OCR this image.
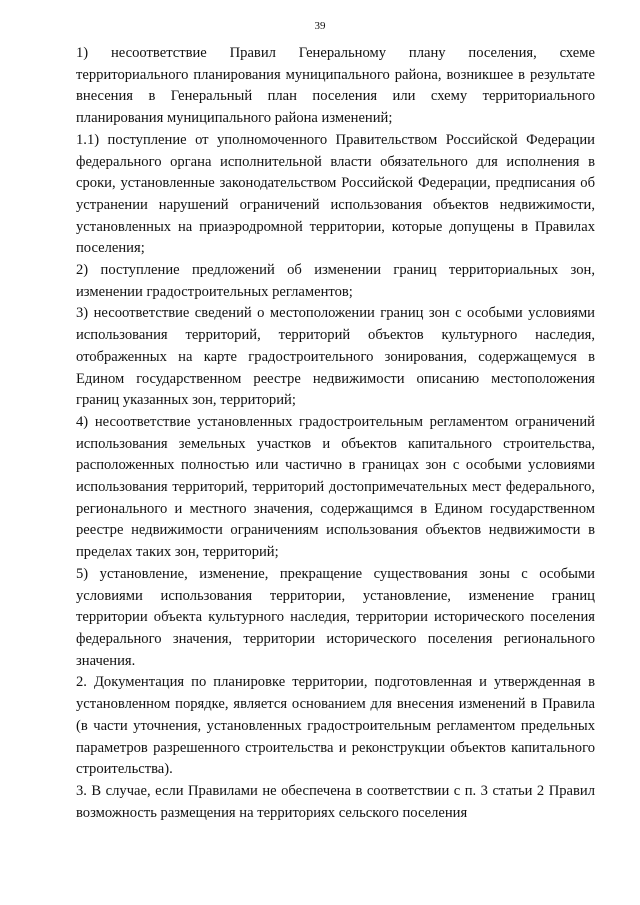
39

1) несоответствие Правил Генеральному плану поселения, схеме территориального планирования муниципального района, возникшее в результате внесения в Генеральный план поселения или схему территориального планирования муниципального района изменений;

1.1) поступление от уполномоченного Правительством Российской Федерации федерального органа исполнительной власти обязательного для исполнения в сроки, установленные законодательством Российской Федерации, предписания об устранении нарушений ограничений использования объектов недвижимости, установленных на приаэродромной территории, которые допущены в Правилах поселения;

2) поступление предложений об изменении границ территориальных зон, изменении градостроительных регламентов;

3) несоответствие сведений о местоположении границ зон с особыми условиями использования территорий, территорий объектов культурного наследия, отображенных на карте градостроительного зонирования, содержащемуся в Едином государственном реестре недвижимости описанию местоположения границ указанных зон, территорий;

4) несоответствие установленных градостроительным регламентом ограничений использования земельных участков и объектов капитального строительства, расположенных полностью или частично в границах зон с особыми условиями использования территорий, территорий достопримечательных мест федерального, регионального и местного значения, содержащимся в Едином государственном реестре недвижимости ограничениям использования объектов недвижимости в пределах таких зон, территорий;

5) установление, изменение, прекращение существования зоны с особыми условиями использования территории, установление, изменение границ территории объекта культурного наследия, территории исторического поселения федерального значения, территории исторического поселения регионального значения.

2. Документация по планировке территории, подготовленная и утвержденная в установленном порядке, является основанием для внесения изменений в Правила (в части уточнения, установленных градостроительным регламентом предельных параметров разрешенного строительства и реконструкции объектов капитального строительства).

3. В случае, если Правилами не обеспечена в соответствии с п. 3 статьи 2 Правил возможность размещения на территориях сельского поселения
